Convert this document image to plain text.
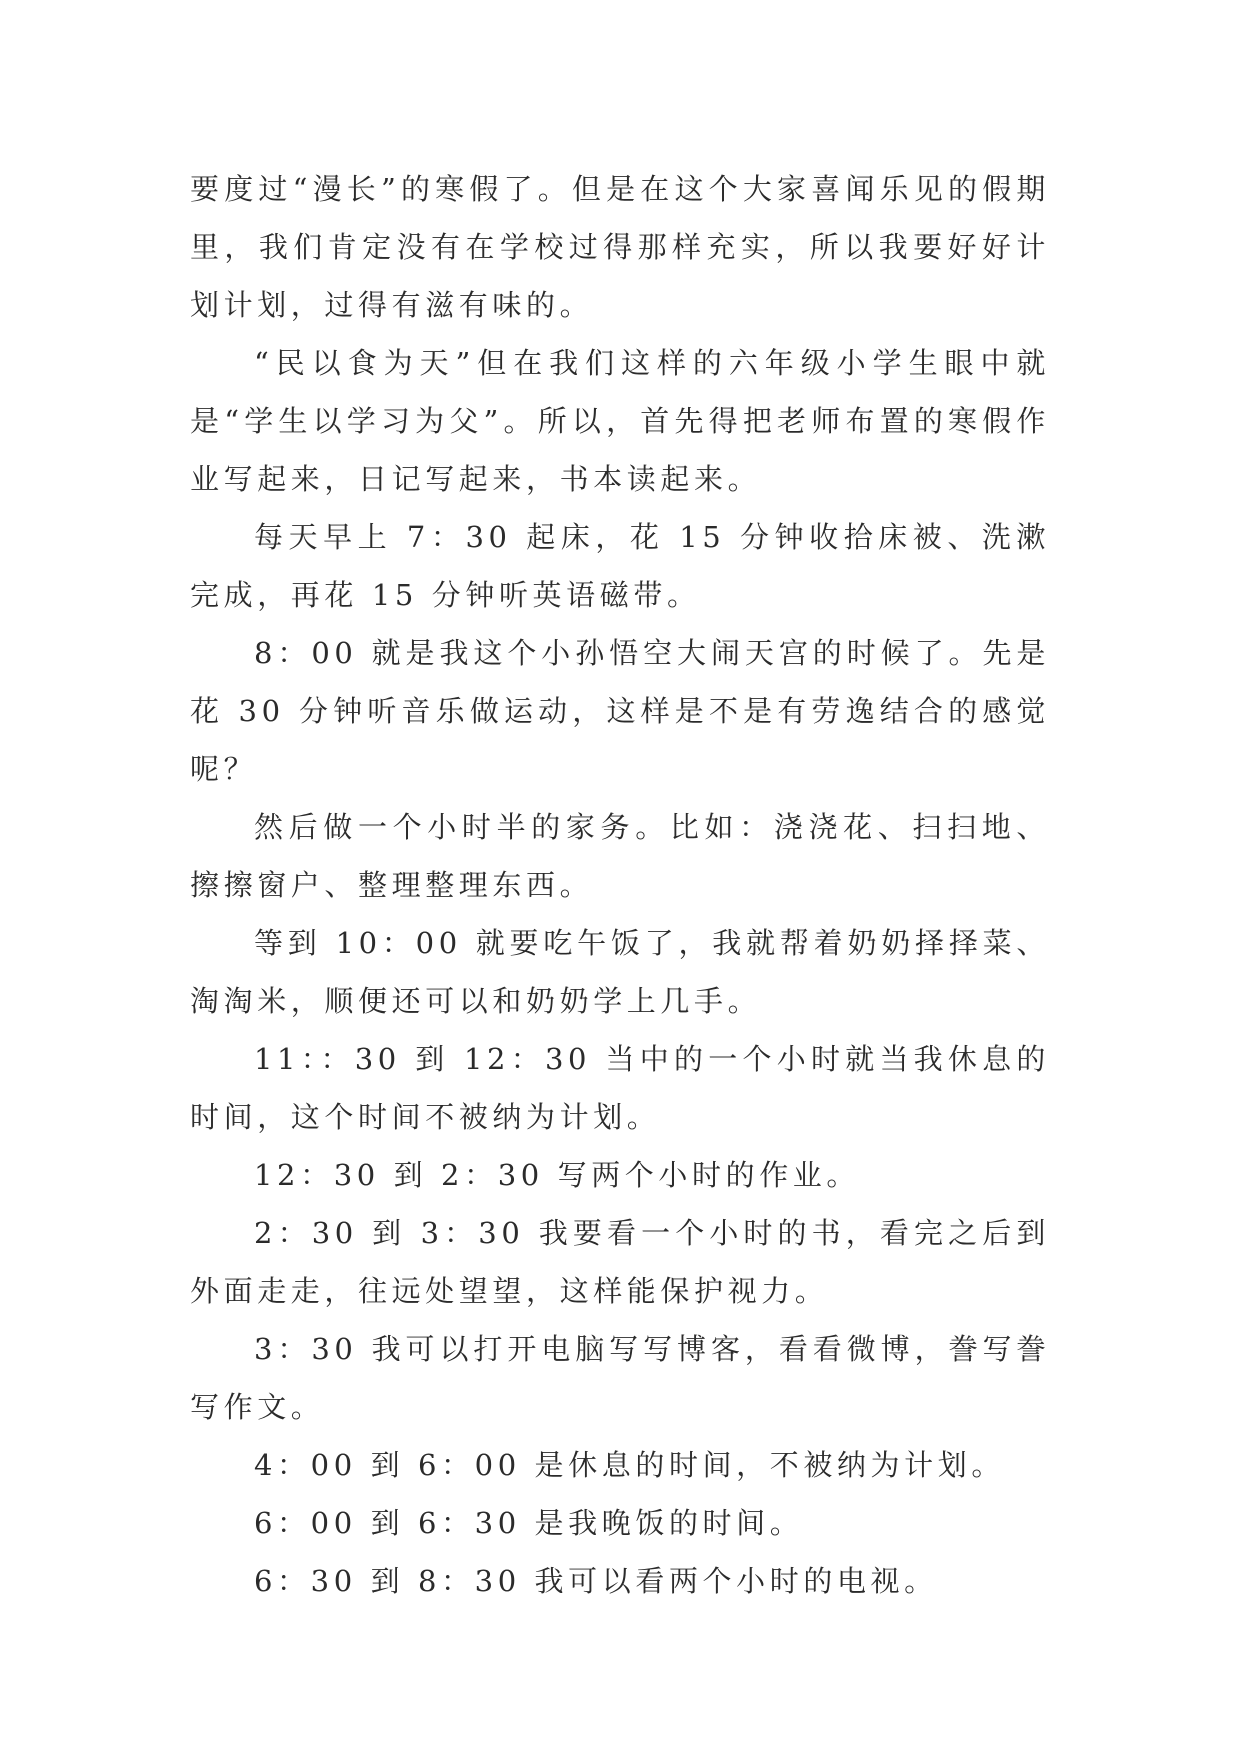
要度过“漫长”的寒假了。但是在这个大家喜闻乐见的假期里，我们肯定没有在学校过得那样充实，所以我要好好计划计划，过得有滋有味的。

“民以食为天”但在我们这样的六年级小学生眼中就是“学生以学习为父”。所以，首先得把老师布置的寒假作业写起来，日记写起来，书本读起来。

每天早上 7：30 起床，花 15 分钟收拾床被、洗漱完成，再花 15 分钟听英语磁带。

8：00 就是我这个小孙悟空大闹天宫的时候了。先是花 30 分钟听音乐做运动，这样是不是有劳逸结合的感觉呢？

然后做一个小时半的家务。比如：浇浇花、扫扫地、擦擦窗户、整理整理东西。

等到 10：00 就要吃午饭了，我就帮着奶奶择择菜、淘淘米，顺便还可以和奶奶学上几手。

11：：30 到 12：30 当中的一个小时就当我休息的时间，这个时间不被纳为计划。

12：30 到 2：30 写两个小时的作业。

2：30 到 3：30 我要看一个小时的书，看完之后到外面走走，往远处望望，这样能保护视力。

3：30 我可以打开电脑写写博客，看看微博，誊写誊写作文。

4：00 到 6：00 是休息的时间，不被纳为计划。

6：00 到 6：30 是我晚饭的时间。

6：30 到 8：30 我可以看两个小时的电视。
